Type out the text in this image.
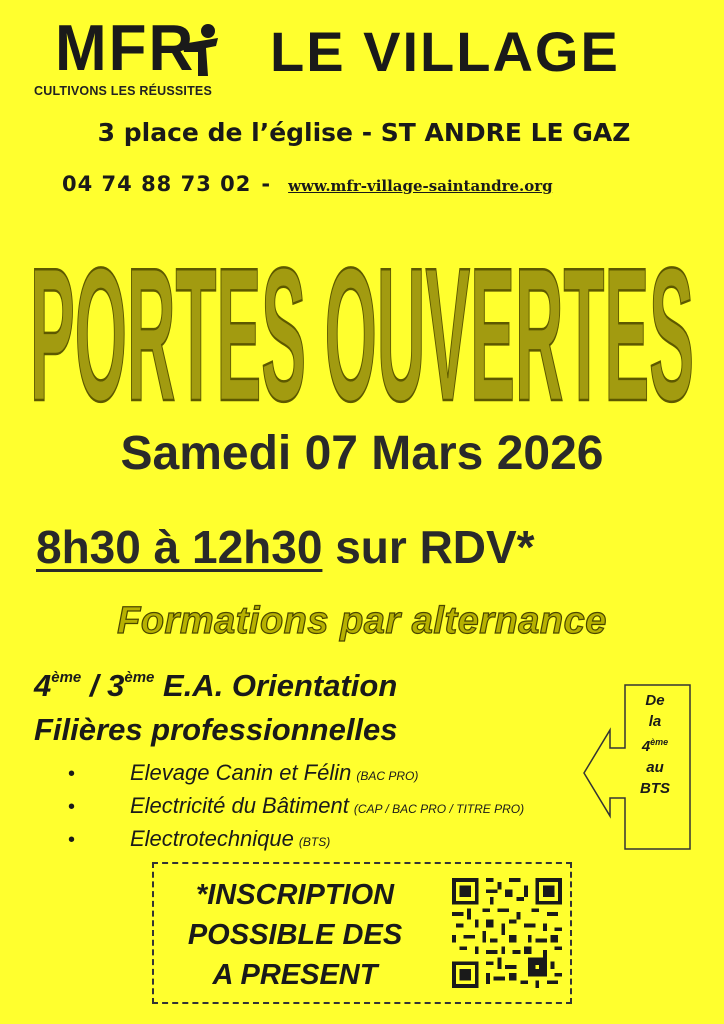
MFR
CULTIVONS LES RÉUSSITES
LE VILLAGE
3 place de l’église - ST ANDRE LE GAZ
04 74 88 73 02 - www.mfr-village-saintandre.org
PORTES OUVERTES
Samedi 07 Mars 2026
8h30 à 12h30 sur RDV*
Formations par alternance
4ème / 3ème E.A. Orientation
Filières professionnelles
•	Elevage Canin et Félin (BAC PRO)
•	Electricité du Bâtiment (CAP / BAC PRO / TITRE PRO)
•	Electrotechnique (BTS)
De
la
4ème
au
BTS
*INSCRIPTION
POSSIBLE DES
A PRESENT
